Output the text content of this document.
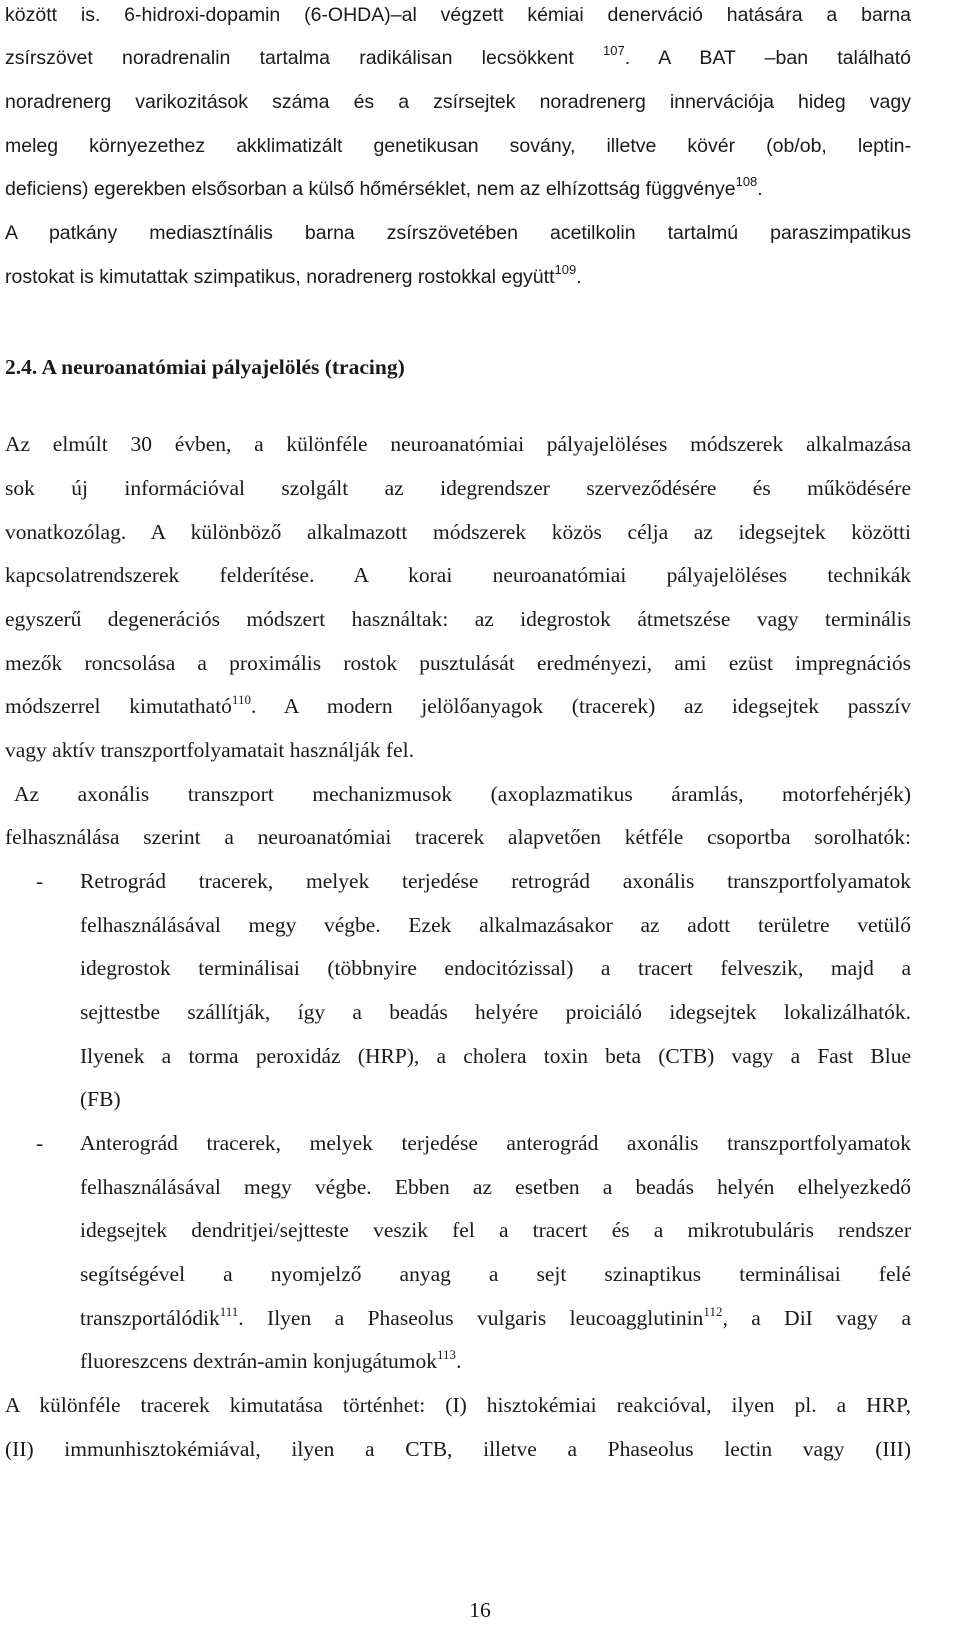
között is. 6-hidroxi-dopamin (6-OHDA)–al végzett kémiai denerváció hatására a barna
zsírszövet noradrenalin tartalma radikálisan lecsökkent $^{107}$. A BAT –ban található
noradrenerg varikozitások száma és a zsírsejtek noradrenerg innervációja hideg vagy
meleg környezethez akklimatizált genetikusan sovány, illetve kövér (ob/ob, leptin-
deficiens) egerekben elsősorban a külső hőmérséklet, nem az elhízottság függvénye$^{108}$.
A patkány mediasztínális barna zsírszövetében acetilkolin tartalmú paraszimpatikus
rostokat is kimutattak szimpatikus, noradrenerg rostokkal együtt$^{109}$.
2.4. A neuroanatómiai pályajelölés (tracing)
Az elmúlt 30 évben, a különféle neuroanatómiai pályajelöléses módszerek alkalmazása
sok új információval szolgált az idegrendszer szerveződésére és működésére
vonatkozólag. A különböző alkalmazott módszerek közös célja az idegsejtek közötti
kapcsolatrendszerek felderítése. A korai neuroanatómiai pályajelöléses technikák
egyszerű degenerációs módszert használtak: az idegrostok átmetszése vagy terminális
mezők roncsolása a proximális rostok pusztulását eredményezi, ami ezüst impregnációs
módszerrel kimutatható$^{110}$. A modern jelölőanyagok (tracerek) az idegsejtek passzív
vagy aktív transzportfolyamatait használják fel.
Az axonális transzport mechanizmusok (axoplazmatikus áramlás, motorfehérjék)
felhasználása szerint a neuroanatómiai tracerek alapvetően kétféle csoportba sorolhatók:
- Retrográd tracerek, melyek terjedése retrográd axonális transzportfolyamatok
felhasználásával megy végbe. Ezek alkalmazásakor az adott területre vetülő
idegrostok terminálisai (többnyire endocitózissal) a tracert felveszik, majd a
sejttestbe szállítják, így a beadás helyére proiciáló idegsejtek lokalizálhatók.
Ilyenek a torma peroxidáz (HRP), a cholera toxin beta (CTB) vagy a Fast Blue
(FB)
- Anterográd tracerek, melyek terjedése anterográd axonális transzportfolyamatok
felhasználásával megy végbe. Ebben az esetben a beadás helyén elhelyezkedő
idegsejtek dendritjei/sejtteste veszik fel a tracert és a mikrotubuláris rendszer
segítségével a nyomjelző anyag a sejt szinaptikus terminálisai felé
transzportálódik$^{111}$. Ilyen a Phaseolus vulgaris leucoagglutinin$^{112}$, a DiI vagy a
fluoreszcens dextrán-amin konjugátumok$^{113}$.
A különféle tracerek kimutatása történhet: (I) hisztokémiai reakcióval, ilyen pl. a HRP,
(II) immunhisztokémiával, ilyen a CTB, illetve a Phaseolus lectin vagy (III)
16
